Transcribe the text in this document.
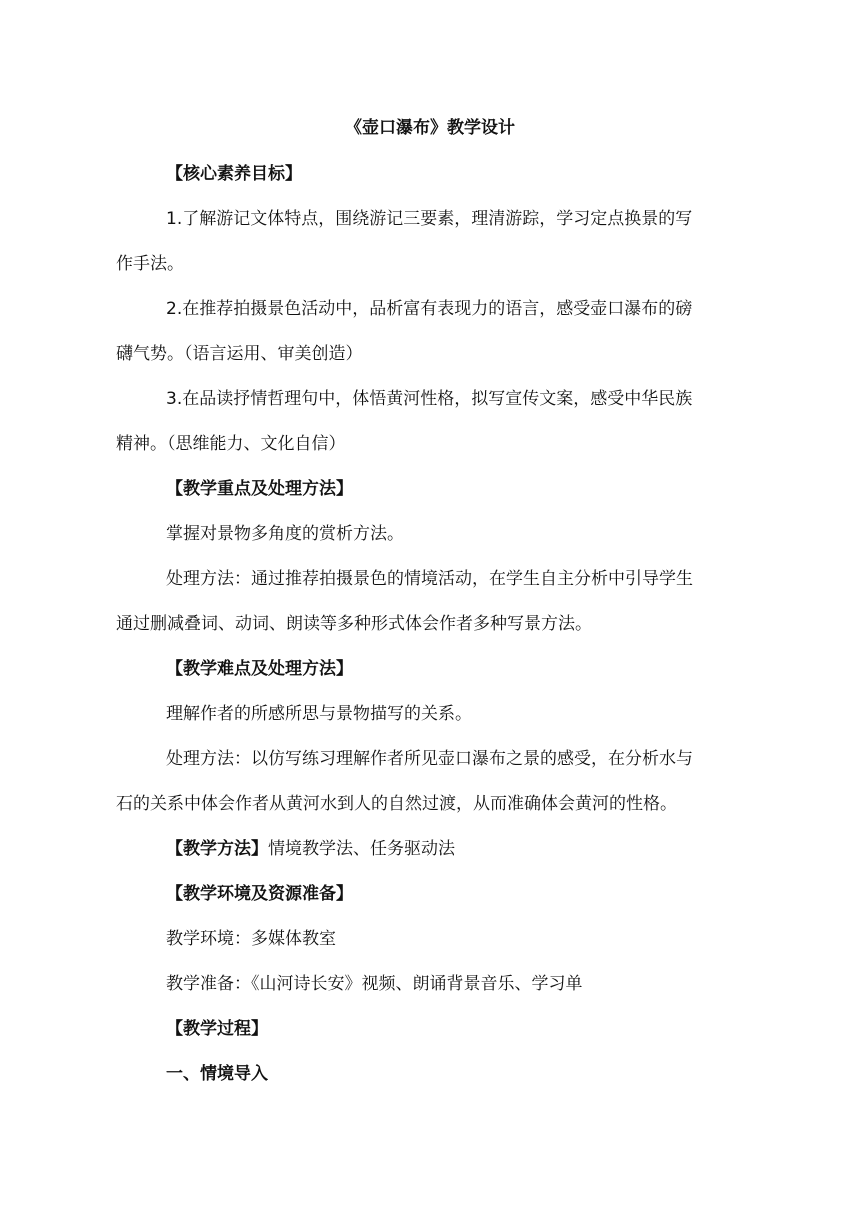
《壶口瀑布》教学设计
【核心素养目标】
1.了解游记文体特点，围绕游记三要素，理清游踪，学习定点换景的写
作手法。
2.在推荐拍摄景色活动中，品析富有表现力的语言，感受壶口瀑布的磅
礴气势。（语言运用、审美创造）
3.在品读抒情哲理句中，体悟黄河性格，拟写宣传文案，感受中华民族
精神。（思维能力、文化自信）
【教学重点及处理方法】
掌握对景物多角度的赏析方法。
处理方法：通过推荐拍摄景色的情境活动，在学生自主分析中引导学生
通过删减叠词、动词、朗读等多种形式体会作者多种写景方法。
【教学难点及处理方法】
理解作者的所感所思与景物描写的关系。
处理方法：以仿写练习理解作者所见壶口瀑布之景的感受，在分析水与
石的关系中体会作者从黄河水到人的自然过渡，从而准确体会黄河的性格。
【教学方法】情境教学法、任务驱动法
【教学环境及资源准备】
教学环境：多媒体教室
教学准备：《山河诗长安》视频、朗诵背景音乐、学习单
【教学过程】
一、情境导入
